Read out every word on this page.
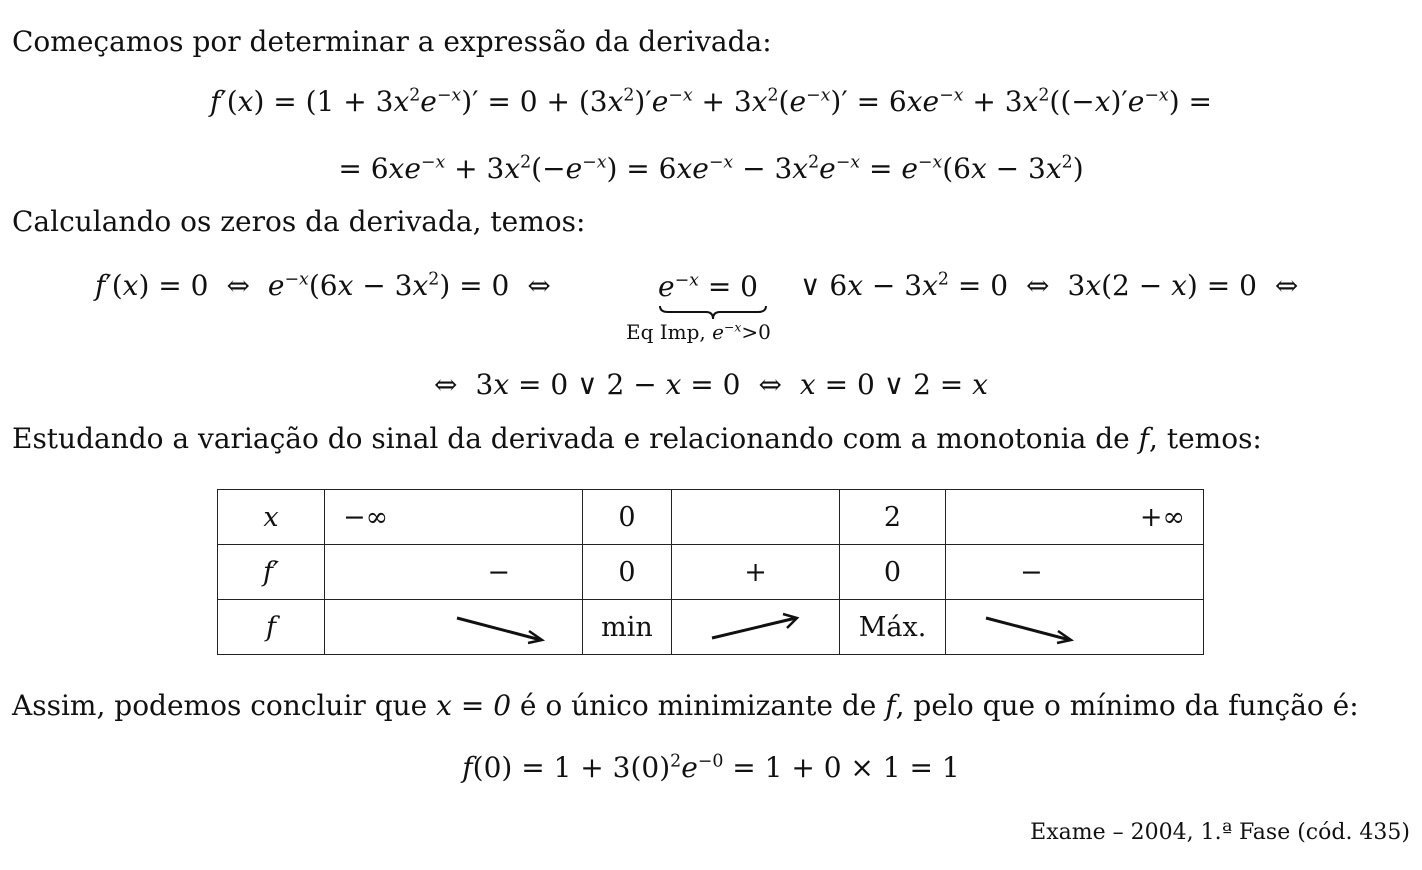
Começamos por determinar a expressão da derivada:
$f'(x) = (1 + 3x^2e^{-x})' = 0 + (3x^2)'e^{-x} + 3x^2(e^{-x})' = 6xe^{-x} + 3x^2((-x)'e^{-x})$ =
= $6xe^{-x} + 3x^2(-e^{-x}) = 6xe^{-x} - 3x^2e^{-x} = e^{-x}(6x - 3x^2)$
Calculando os zeros da derivada, temos:
f′(x) = 0 ⇔ $e^{-x}(6x - 3x^2) = 0$ ⇔	$e^{-x} = 0$
Eq Imp, $e^{-x}>0$
∨ $6x - 3x^2 = 0$ ⇔ 3x(2 − x) = 0 ⇔
⇔ 3x = 0 ∨ 2 − x = 0 ⇔ x = 0 ∨ 2 = x
Estudando a variação do sinal da derivada e relacionando com a monotonia de f, temos:
x	−∞	0		2	+∞
f′	−	0	+	0	−
f		min		Máx.	
Assim, podemos concluir que x = 0 é o único minimizante de f, pelo que o mínimo da função é:
$f(0) = 1 + 3(0)^2e^{-0} = 1 + 0 \times 1 = 1$
Exame – 2004, 1.ª Fase (cód. 435)
